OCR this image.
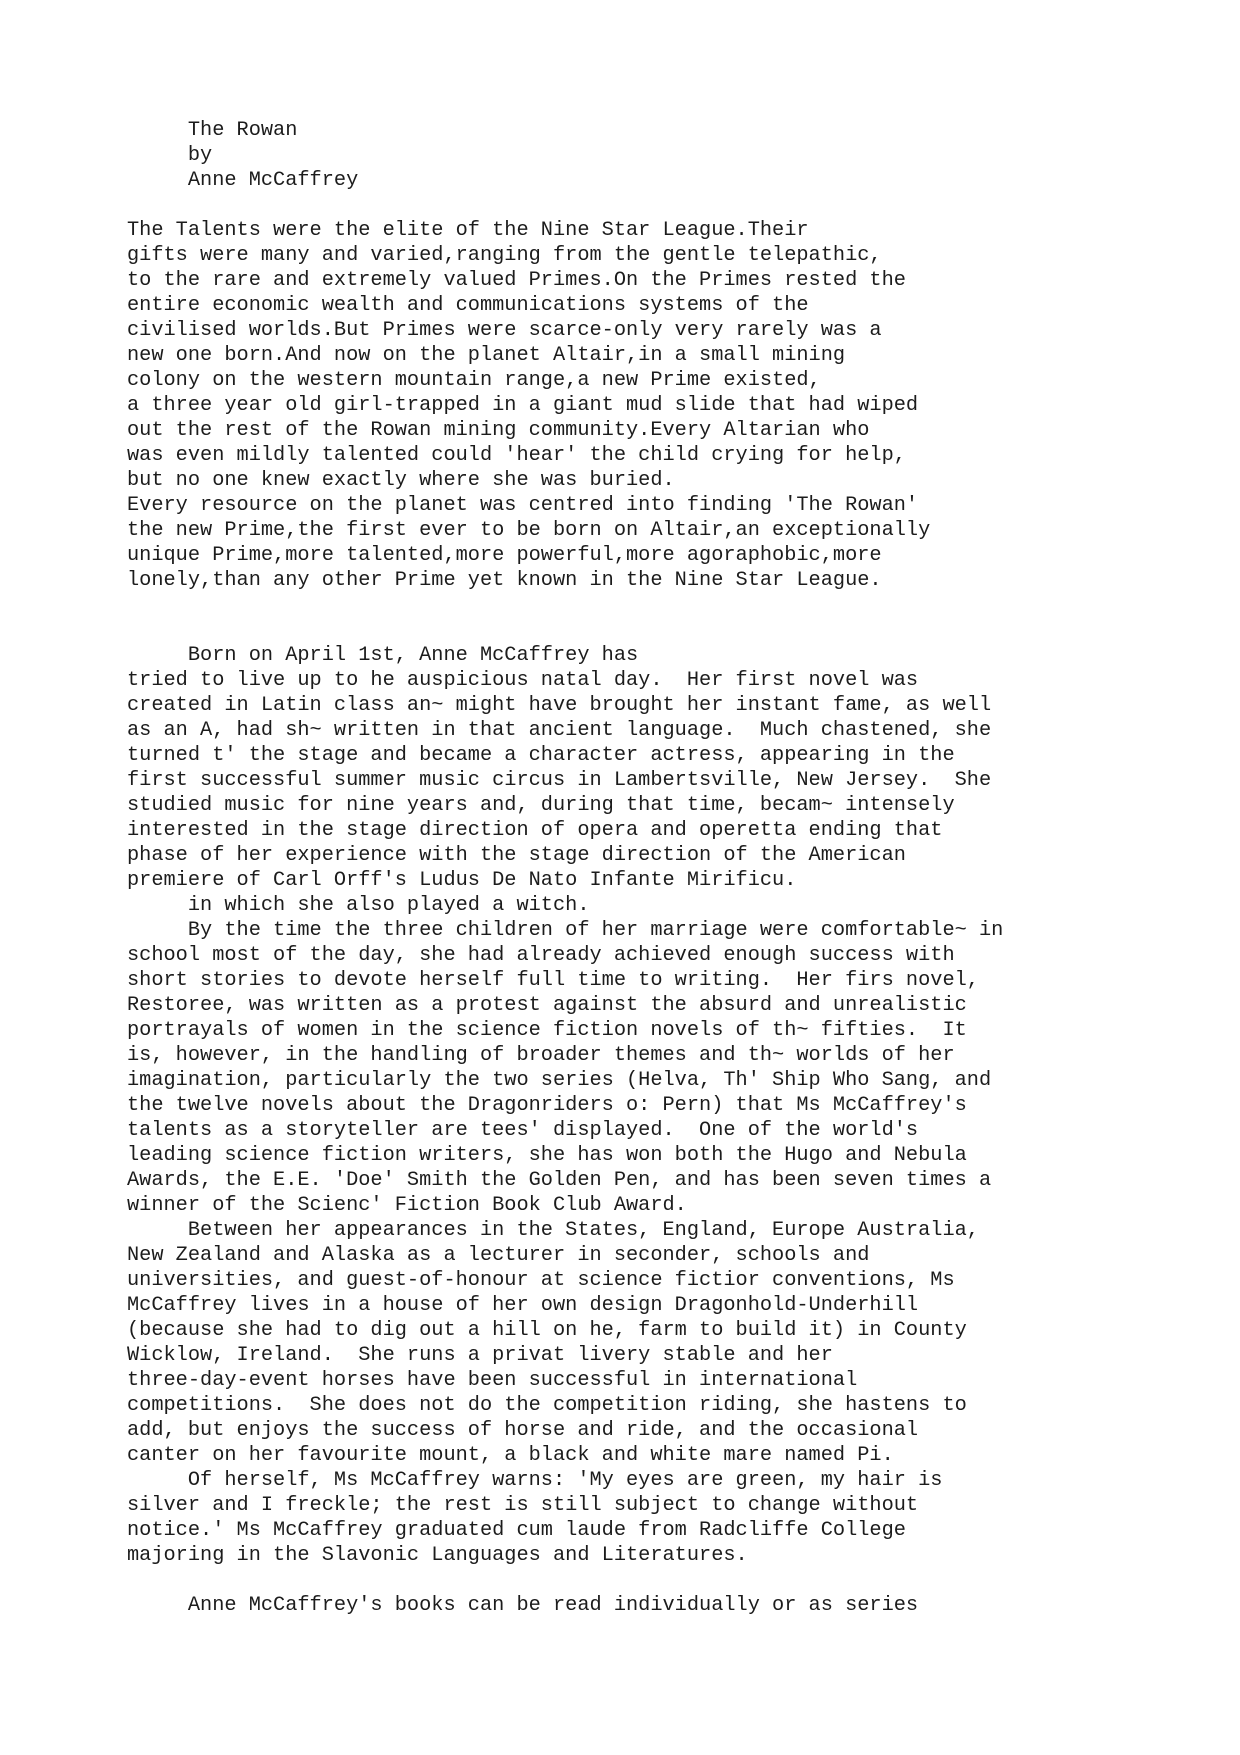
The Rowan

by

Anne McCaffrey

The Talents were the elite of the Nine Star League.Their

gifts were many and varied,ranging from the gentle telepathic,

to the rare and extremely valued Primes.On the Primes rested the

entire economic wealth and communications systems of the

civilised worlds.But Primes were scarce-only very rarely was a

new one born.And now on the planet Altair,in a small mining

colony on the western mountain range,a new Prime existed,

a three year old girl-trapped in a giant mud slide that had wiped

out the rest of the Rowan mining community.Every Altarian who

was even mildly talented could 'hear' the child crying for help,

but no one knew exactly where she was buried.

Every resource on the planet was centred into finding 'The Rowan'

the new Prime,the first ever to be born on Altair,an exceptionally

unique Prime,more talented,more powerful,more agoraphobic,more

lonely,than any other Prime yet known in the Nine Star League.

Born on April 1st, Anne McCaffrey has

tried to live up to he auspicious natal day.  Her first novel was

created in Latin class an~ might have brought her instant fame, as well

as an A, had sh~ written in that ancient language.  Much chastened, she

turned t' the stage and became a character actress, appearing in the

first successful summer music circus in Lambertsville, New Jersey.  She

studied music for nine years and, during that time, becam~ intensely

interested in the stage direction of opera and operetta ending that

phase of her experience with the stage direction of the American

premiere of Carl Orff's Ludus De Nato Infante Mirificu.

in which she also played a witch.

By the time the three children of her marriage were comfortable~ in

school most of the day, she had already achieved enough success with

short stories to devote herself full time to writing.  Her firs novel,

Restoree, was written as a protest against the absurd and unrealistic

portrayals of women in the science fiction novels of th~ fifties.  It

is, however, in the handling of broader themes and th~ worlds of her

imagination, particularly the two series (Helva, Th' Ship Who Sang, and

the twelve novels about the Dragonriders o: Pern) that Ms McCaffrey's

talents as a storyteller are tees' displayed.  One of the world's

leading science fiction writers, she has won both the Hugo and Nebula

Awards, the E.E. 'Doe' Smith the Golden Pen, and has been seven times a

winner of the Scienc' Fiction Book Club Award.

Between her appearances in the States, England, Europe Australia,

New Zealand and Alaska as a lecturer in seconder, schools and

universities, and guest-of-honour at science fictior conventions, Ms

McCaffrey lives in a house of her own design Dragonhold-Underhill

(because she had to dig out a hill on he, farm to build it) in County

Wicklow, Ireland.  She runs a privat livery stable and her

three-day-event horses have been successful in international

competitions.  She does not do the competition riding, she hastens to

add, but enjoys the success of horse and ride, and the occasional

canter on her favourite mount, a black and white mare named Pi.

Of herself, Ms McCaffrey warns: 'My eyes are green, my hair is

silver and I freckle; the rest is still subject to change without

notice.' Ms McCaffrey graduated cum laude from Radcliffe College

majoring in the Slavonic Languages and Literatures.

Anne McCaffrey's books can be read individually or as series
